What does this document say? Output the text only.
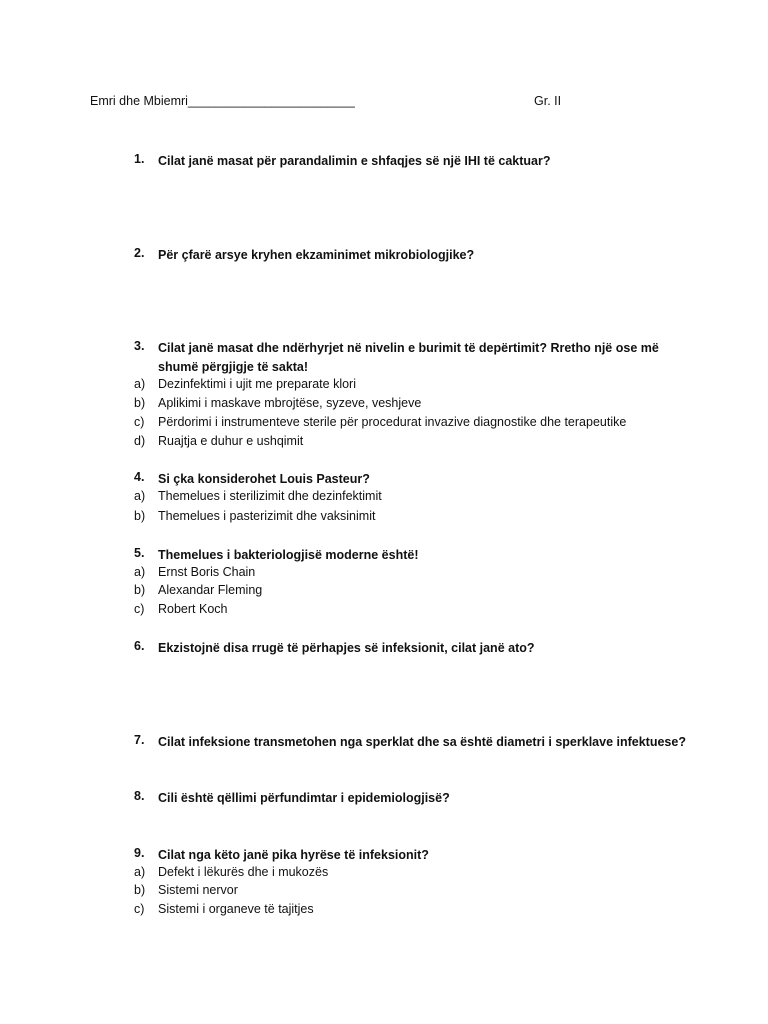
Emri dhe Mbiemri________________________	Gr. II
1.	Cilat janë masat për parandalimin e shfaqjes së një IHI të caktuar?
2.	Për çfarë arsye kryhen ekzaminimet mikrobiologjike?
3.	Cilat janë masat dhe ndërhyrjet në nivelin e burimit të depërtimit? Rretho një ose më
shumë përgjigje të sakta!
a) Dezinfektimi i ujit me preparate klori
b) Aplikimi i maskave mbrojtëse, syzeve, veshjeve
c) Përdorimi i instrumenteve sterile për procedurat invazive diagnostike dhe terapeutike
d) Ruajtja e duhur e ushqimit
4.	Si çka konsiderohet Louis Pasteur?
a) Themelues i sterilizimit dhe dezinfektimit
b) Themelues i pasterizimit dhe vaksinimit
5.	Themelues i bakteriologjisë moderne është!
a) Ernst Boris Chain
b) Alexandar Fleming
c) Robert Koch
6.	Ekzistojnë disa rrugë të përhapjes së infeksionit, cilat janë ato?
7.	Cilat infeksione transmetohen nga sperklat dhe sa është diametri i sperklave infektuese?
8.	Cili është qëllimi përfundimtar i epidemiologjisë?
9.	Cilat nga këto janë pika hyrëse të infeksionit?
a) Defekt i lëkurës dhe i mukozës
b) Sistemi nervor
c) Sistemi i organeve të tajitjes
